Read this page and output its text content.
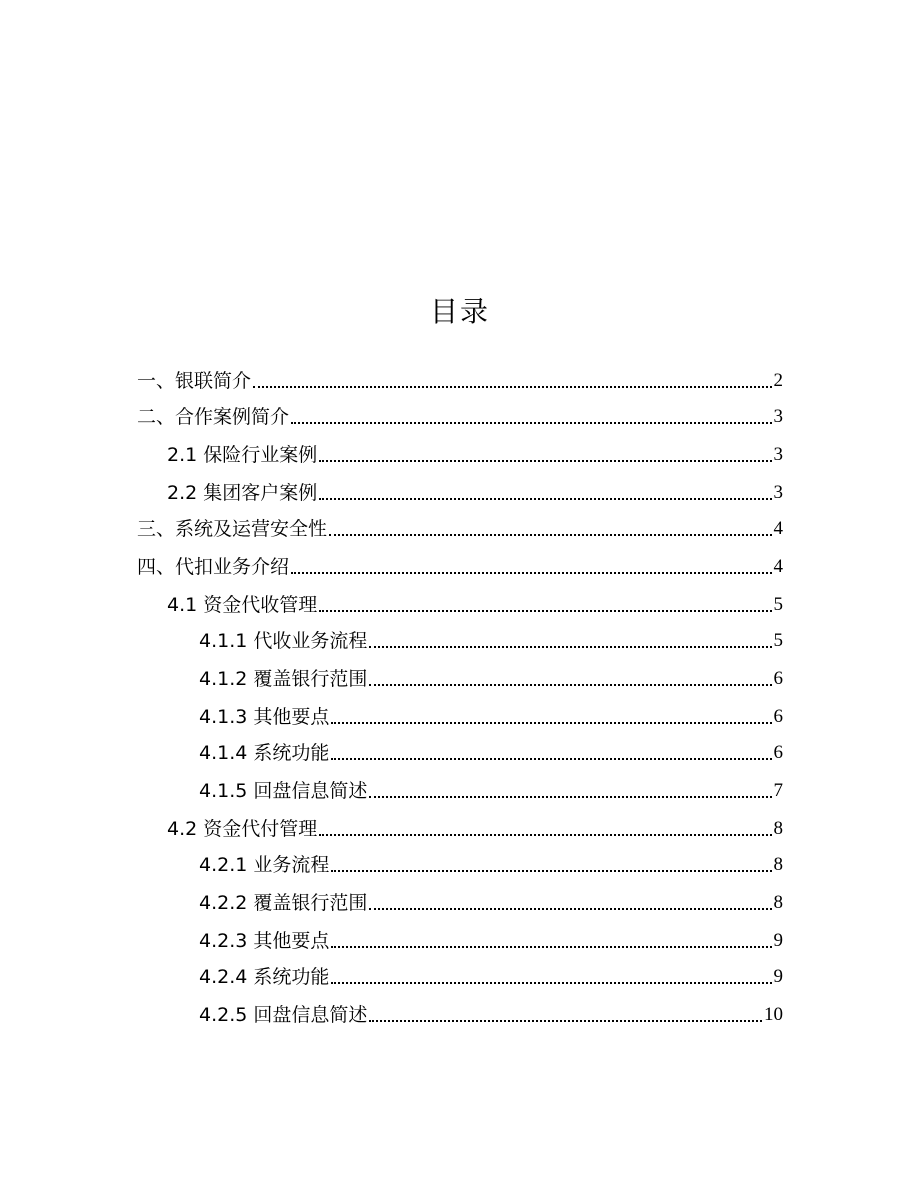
目录
一、银联简介	2
二、合作案例简介	3
2.1 保险行业案例	3
2.2 集团客户案例	3
三、系统及运营安全性	4
四、代扣业务介绍	4
4.1 资金代收管理	5
4.1.1 代收业务流程	5
4.1.2 覆盖银行范围	6
4.1.3 其他要点	6
4.1.4 系统功能	6
4.1.5 回盘信息简述	7
4.2 资金代付管理	8
4.2.1 业务流程	8
4.2.2 覆盖银行范围	8
4.2.3 其他要点	9
4.2.4 系统功能	9
4.2.5 回盘信息简述	10
